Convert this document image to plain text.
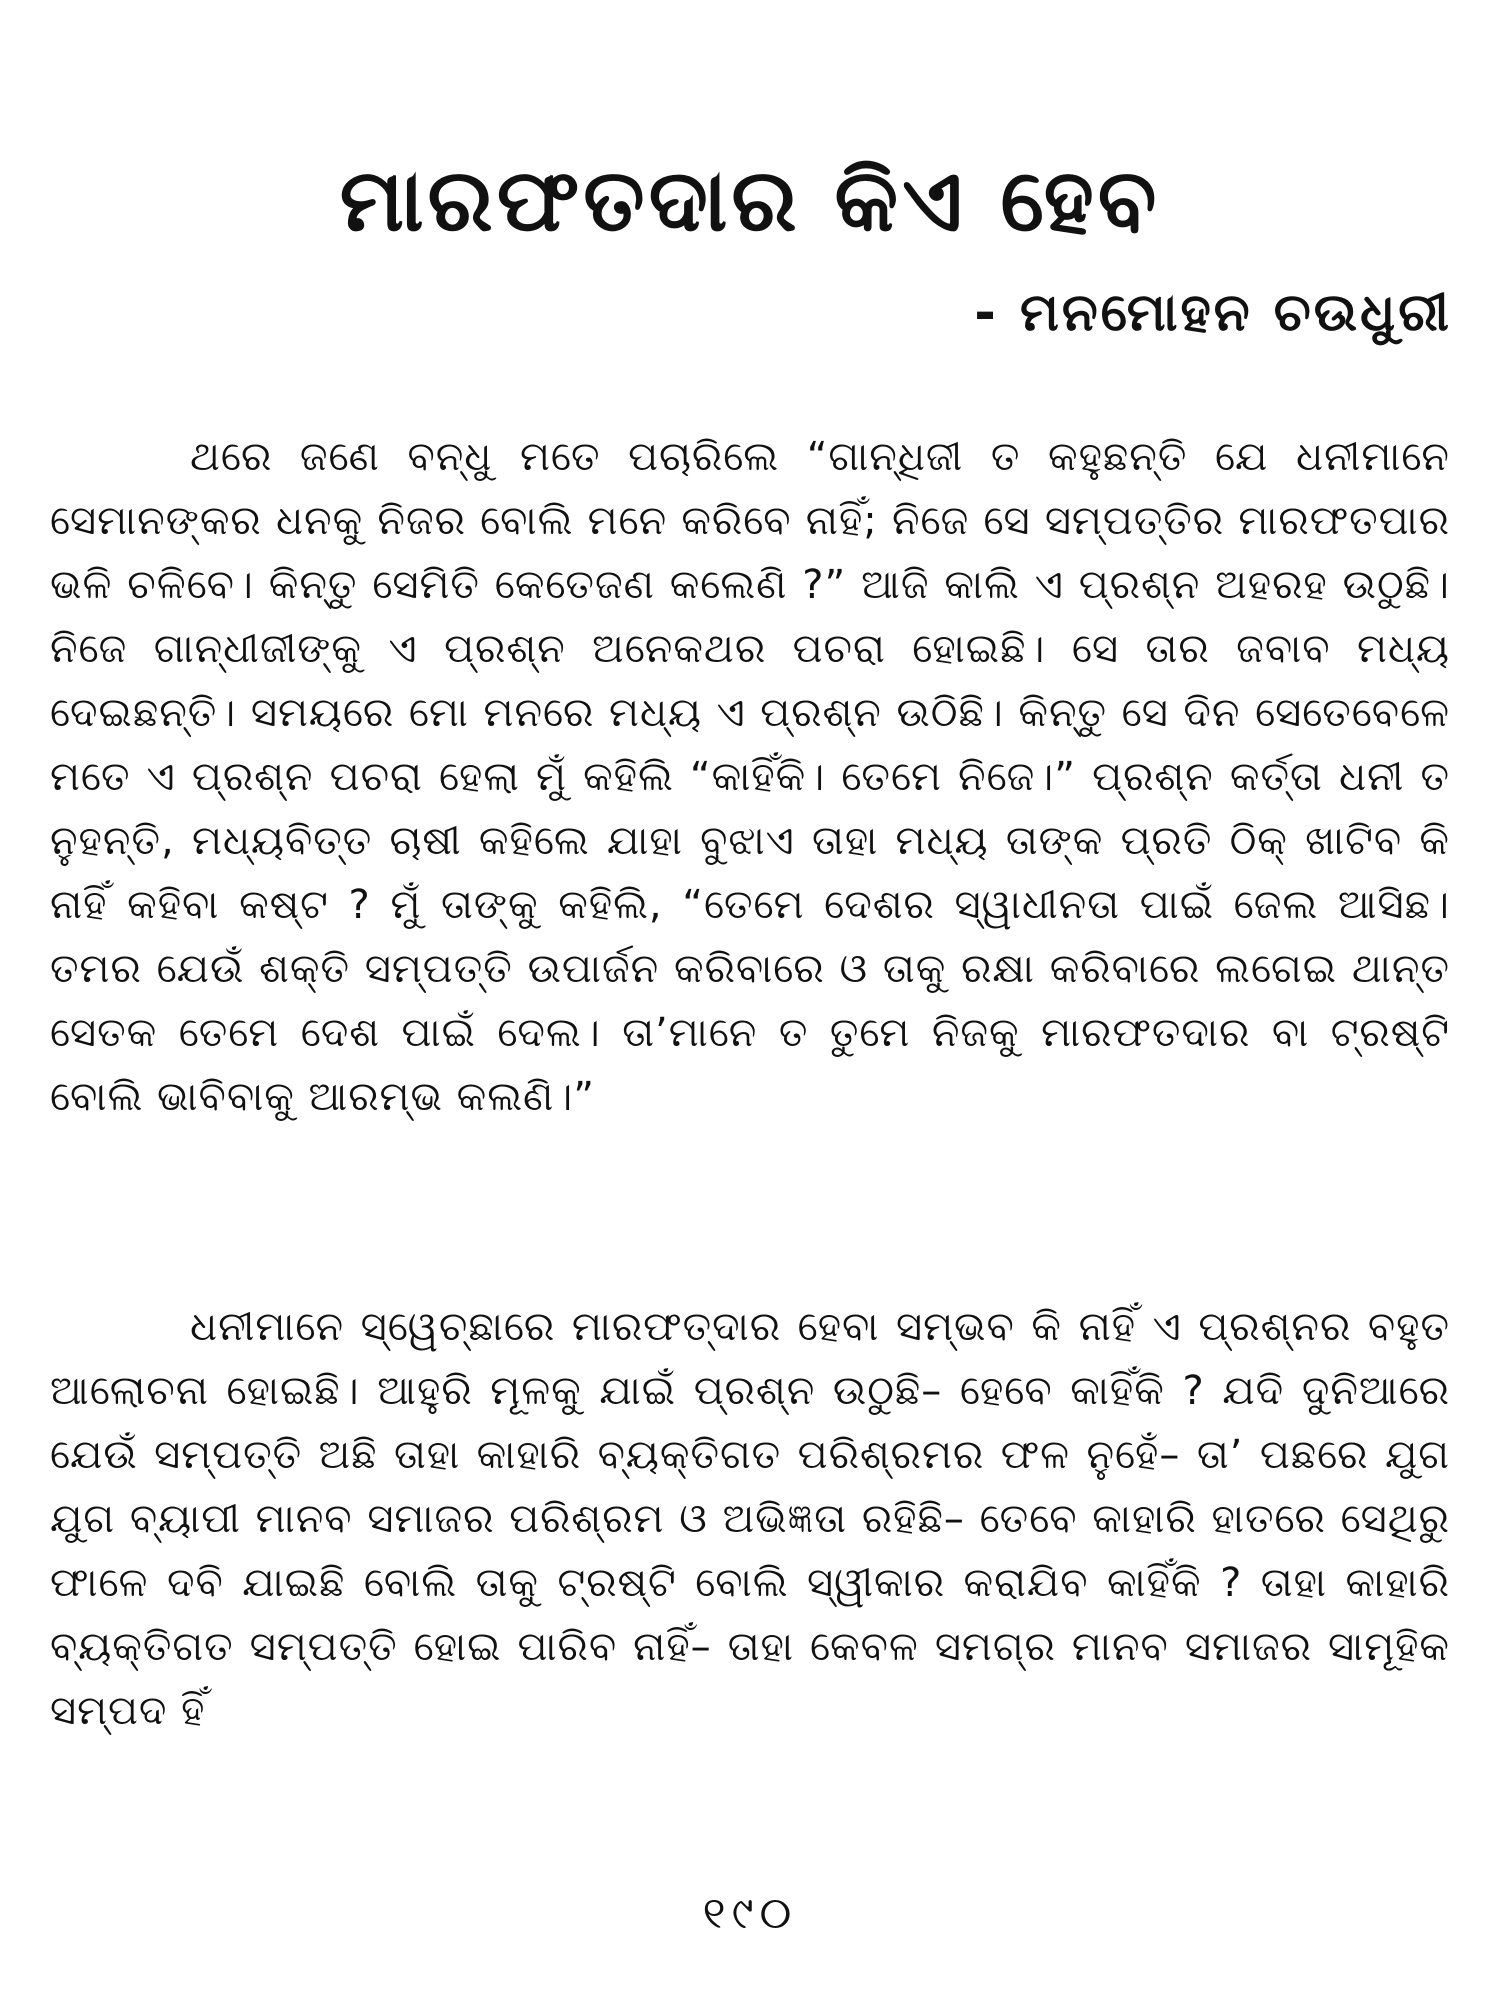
ମାରଫତଦାର କିଏ ହେବ
- ମନମୋହନ ଚଉଧୁରୀ

ଥରେ ଜଣେ ବନ୍ଧୁ ମତେ ପଚାରିଲେ “ଗାନ୍ଧିଜୀ ତ କହୁଛନ୍ତି ଯେ ଧନୀମାନେ ସେମାନଙ୍କର ଧନକୁ ନିଜର ବୋଲି ମନେ କରିବେ ନାହିଁ; ନିଜେ ସେ ସମ୍ପତ୍ତିର ମାରଫତପାର ଭଳି ଚଳିବେ। କିନ୍ତୁ ସେମିତି କେତେଜଣ କଲେଣି ?” ଆଜି କାଲି ଏ ପ୍ରଶ୍ନ ଅହରହ ଉଠୁଛି। ନିଜେ ଗାନ୍ଧୀଜୀଙ୍କୁ ଏ ପ୍ରଶ୍ନ ଅନେକଥର ପଚରା ହୋଇଛି। ସେ ତାର ଜବାବ ମଧ୍ୟ ଦେଇଛନ୍ତି। ସମୟରେ ମୋ ମନରେ ମଧ୍ୟ ଏ ପ୍ରଶ୍ନ ଉଠିଛି। କିନ୍ତୁ ସେ ଦିନ ସେତେବେଳେ ମତେ ଏ ପ୍ରଶ୍ନ ପଚରା ହେଲା ମୁଁ କହିଲି “କାହିଁକି। ତେମେ ନିଜେ।” ପ୍ରଶ୍ନ କର୍ତ୍ତା ଧନୀ ତ ନୁହନ୍ତି, ମଧ୍ୟବିତ୍ତ ଚାଷୀ କହିଲେ ଯାହା ବୁଝାଏ ତାହା ମଧ୍ୟ ତାଙ୍କ ପ୍ରତି ଠିକ୍ ଖାଟିବ କି ନାହିଁ କହିବା କଷ୍ଟ ? ମୁଁ ତାଙ୍କୁ କହିଲି, “ତେମେ ଦେଶର ସ୍ୱାଧୀନତା ପାଇଁ ଜେଲ ଆସିଛ। ତମର ଯେଉଁ ଶକ୍ତି ସମ୍ପତ୍ତି ଉପାର୍ଜନ କରିବାରେ ଓ ତାକୁ ରକ୍ଷା କରିବାରେ ଲଗେଇ ଥାନ୍ତ ସେତକ ତେମେ ଦେଶ ପାଇଁ ଦେଲ। ତା’ମାନେ ତ ତୁମେ ନିଜକୁ ମାରଫତଦାର ବା ଟ୍ରଷ୍ଟି ବୋଲି ଭାବିବାକୁ ଆରମ୍ଭ କଲଣି।”

ଧନୀମାନେ ସ୍ୱେଚ୍ଛାରେ ମାରଫତ୍‌ଦାର ହେବା ସମ୍ଭବ କି ନାହିଁ ଏ ପ୍ରଶ୍ନର ବହୁତ ଆଲୋଚନା ହୋଇଛି। ଆହୁରି ମୂଳକୁ ଯାଇଁ ପ୍ରଶ୍ନ ଉଠୁଛି– ହେବେ କାହିଁକି ? ଯଦି ଦୁନିଆରେ ଯେଉଁ ସମ୍ପତ୍ତି ଅଛି ତାହା କାହାରି ବ୍ୟକ୍ତିଗତ ପରିଶ୍ରମର ଫଳ ନୁହେଁ– ତା’ ପଛରେ ଯୁଗ ଯୁଗ ବ୍ୟାପୀ ମାନବ ସମାଜର ପରିଶ୍ରମ ଓ ଅଭିଜ୍ଞତା ରହିଛି– ତେବେ କାହାରି ହାତରେ ସେଥିରୁ ଫାଳେ ଦବି ଯାଇଛି ବୋଲି ତାକୁ ଟ୍ରଷ୍ଟି ବୋଲି ସ୍ୱୀକାର କରାଯିବ କାହିଁକି ? ତାହା କାହାରି ବ୍ୟକ୍ତିଗତ ସମ୍ପତ୍ତି ହୋଇ ପାରିବ ନାହିଁ– ତାହା କେବଳ ସମଗ୍ର ମାନବ ସମାଜର ସାମୂହିକ ସମ୍ପଦ ହିଁ

୧୯୦
